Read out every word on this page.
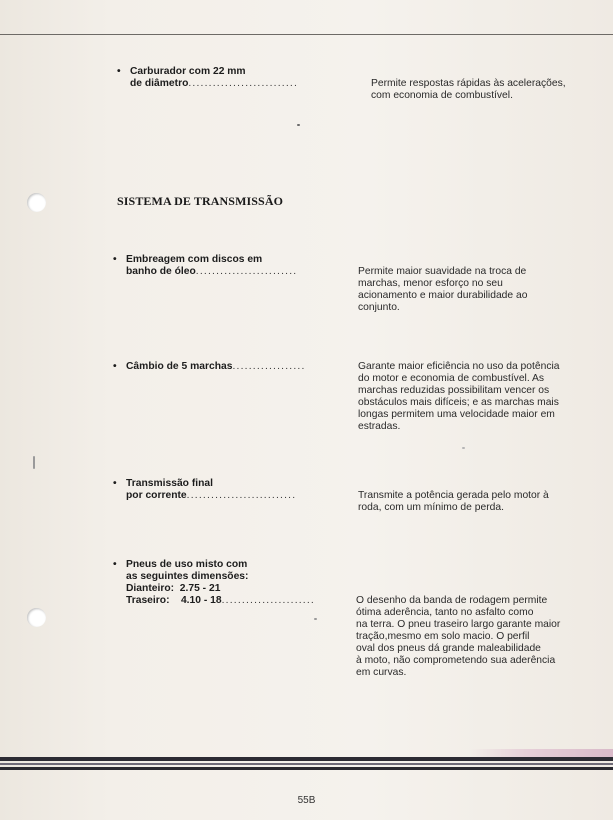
• Carburador com 22 mm
de diâmetro...........................	Permite respostas rápidas às acelerações,
com economia de combustível.
SISTEMA DE TRANSMISSÃO
• Embreagem com discos em
banho de óleo.........................	Permite maior suavidade na troca de
marchas, menor esforço no seu
acionamento e maior durabilidade ao
conjunto.
• Câmbio de 5 marchas..................	Garante maior eficiência no uso da potência
do motor e economia de combustível. As
marchas reduzidas possibilitam vencer os
obstáculos mais difíceis; e as marchas mais
longas permitem uma velocidade maior em
estradas.
• Transmissão final
por corrente...........................	Transmite a potência gerada pelo motor à
roda, com um mínimo de perda.
• Pneus de uso misto com
as seguintes dimensões:
Dianteiro:  2.75 - 21
Traseiro:    4.10 - 18.......................	O desenho da banda de rodagem permite
ótima aderência, tanto no asfalto como
na terra. O pneu traseiro largo garante maior
tração,mesmo em solo macio. O perfil
oval dos pneus dá grande maleabilidade
à moto, não comprometendo sua aderência
em curvas.
55B
